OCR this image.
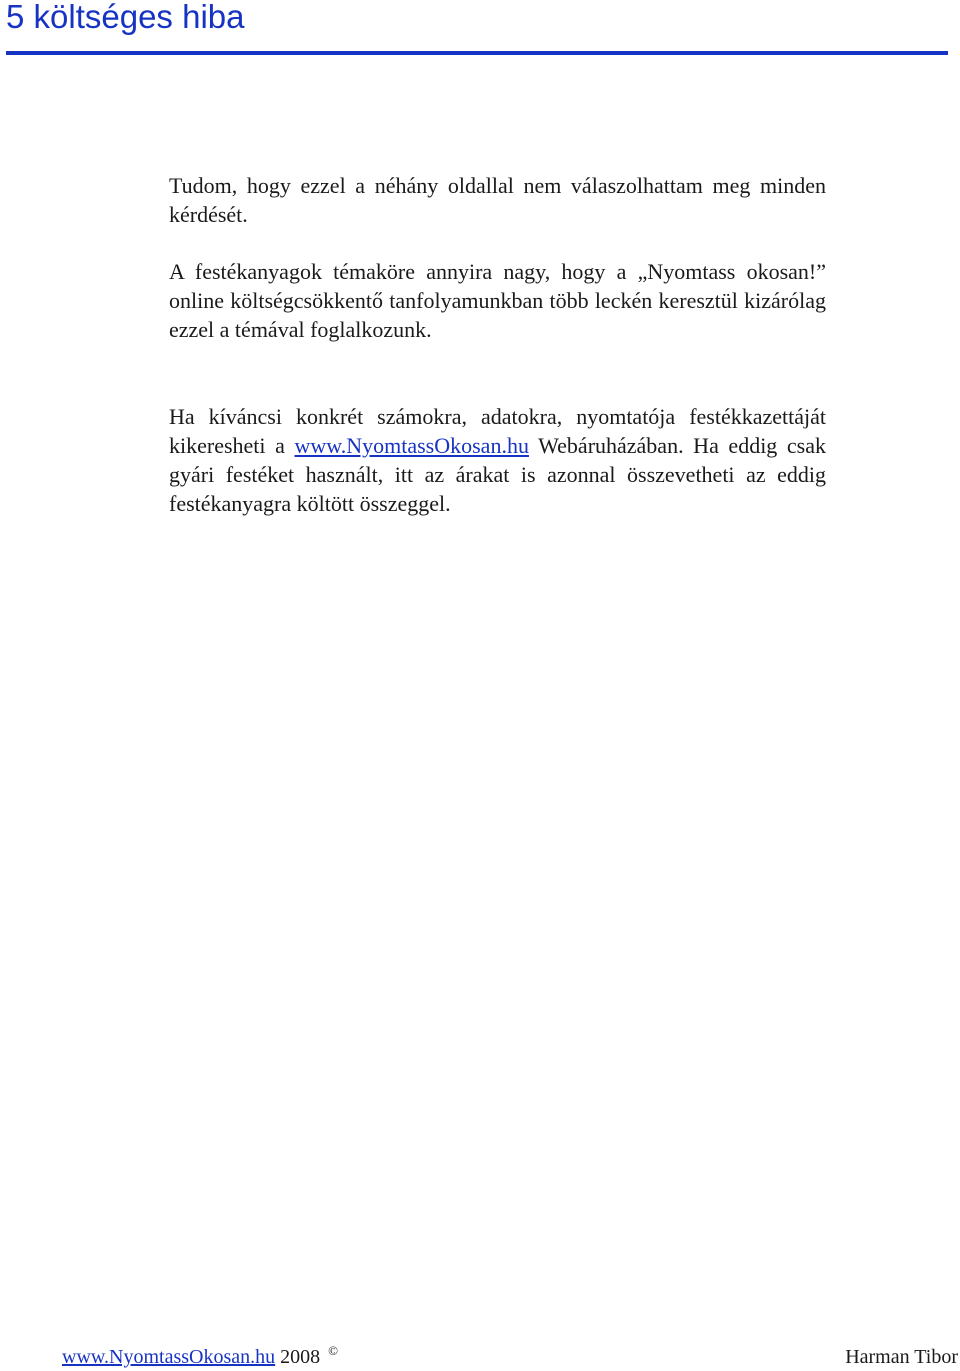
5 költséges hiba

Tudom, hogy ezzel a néhány oldallal nem válaszolhattam meg minden kérdését.

A festékanyagok témaköre annyira nagy, hogy a „Nyomtass okosan!” online költségcsökkentő tanfolyamunkban több leckén keresztül kizárólag ezzel a témával foglalkozunk.

Ha kíváncsi konkrét számokra, adatokra, nyomtatója festékkazettáját kikeresheti a www.NyomtassOkosan.hu Webáruházában. Ha eddig csak gyári festéket használt, itt az árakat is azonnal összevetheti az eddig festékanyagra költött összeggel.

www.NyomtassOkosan.hu 2008 ©	Harman Tibor
